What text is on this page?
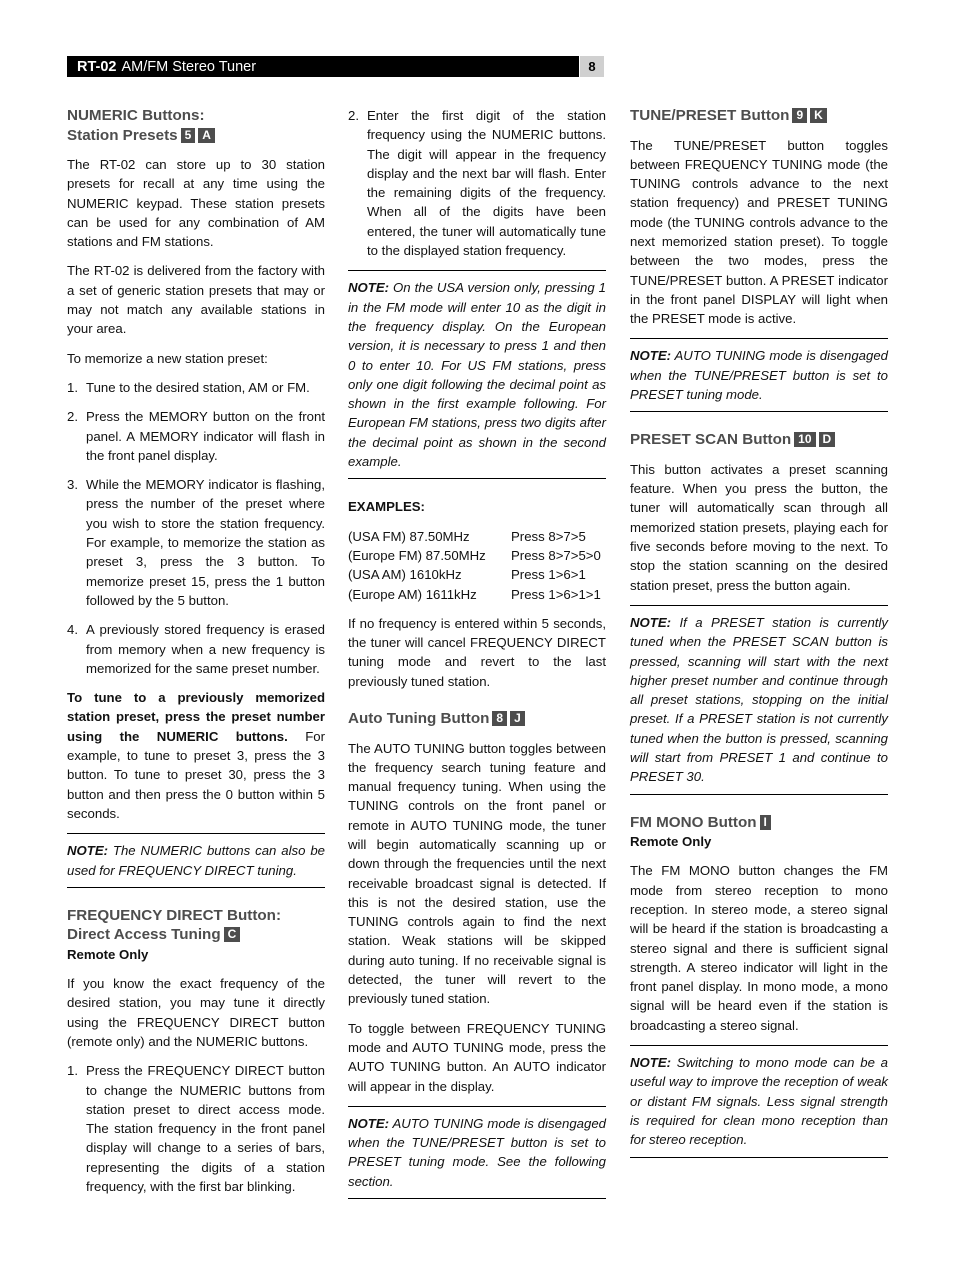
RT-02 AM/FM Stereo Tuner	8
NUMERIC Buttons:
Station Presets 5 A

The RT-02 can store up to 30 station presets for recall at any time using the NUMERIC keypad. These station presets can be used for any combination of AM stations and FM stations.

The RT-02 is delivered from the factory with a set of generic station presets that may or may not match any available stations in your area.

To memorize a new station preset:

1. Tune to the desired station, AM or FM.
2. Press the MEMORY button on the front panel. A MEMORY indicator will flash in the front panel display.
3. While the MEMORY indicator is flashing, press the number of the preset where you wish to store the station frequency. For example, to memorize the station as preset 3, press the 3 button. To memorize preset 15, press the 1 button followed by the 5 button.
4. A previously stored frequency is erased from memory when a new frequency is memorized for the same preset number.

To tune to a previously memorized station preset, press the preset number using the NUMERIC buttons. For example, to tune to preset 3, press the 3 button. To tune to preset 30, press the 3 button and then press the 0 button within 5 seconds.

NOTE: The NUMERIC buttons can also be used for FREQUENCY DIRECT tuning.
FREQUENCY DIRECT Button:
Direct Access Tuning C
Remote Only

If you know the exact frequency of the desired station, you may tune it directly using the FREQUENCY DIRECT button (remote only) and the NUMERIC buttons.

1. Press the FREQUENCY DIRECT button to change the NUMERIC buttons from station preset to direct access mode. The station frequency in the front panel display will change to a series of bars, representing the digits of a station frequency, with the first bar blinking.
2. Enter the first digit of the station frequency using the NUMERIC buttons. The digit will appear in the frequency display and the next bar will flash. Enter the remaining digits of the frequency. When all of the digits have been entered, the tuner will automatically tune to the displayed station frequency.
NOTE: On the USA version only, pressing 1 in the FM mode will enter 10 as the digit in the frequency display. On the European version, it is necessary to press 1 and then 0 to enter 10. For US FM stations, press only one digit following the decimal point as shown in the first example following. For European FM stations, press two digits after the decimal point as shown in the second example.
EXAMPLES:
(USA FM) 87.50MHz	Press 8>7>5
(Europe FM) 87.50MHz	Press 8>7>5>0
(USA AM) 1610kHz	Press 1>6>1
(Europe AM) 1611kHz	Press 1>6>1>1

If no frequency is entered within 5 seconds, the tuner will cancel FREQUENCY DIRECT tuning mode and revert to the last previously tuned station.

Auto Tuning Button 8 J

The AUTO TUNING button toggles between the frequency search tuning feature and manual frequency tuning. When using the TUNING controls on the front panel or remote in AUTO TUNING mode, the tuner will begin automatically scanning up or down through the frequencies until the next receivable broadcast signal is detected. If this is not the desired station, use the TUNING controls again to find the next station. Weak stations will be skipped during auto tuning. If no receivable signal is detected, the tuner will revert to the previously tuned station.

To toggle between FREQUENCY TUNING mode and AUTO TUNING mode, press the AUTO TUNING button. An AUTO indicator will appear in the display.

NOTE: AUTO TUNING mode is disengaged when the TUNE/PRESET button is set to PRESET tuning mode. See the following section.
TUNE/PRESET Button 9 K

The TUNE/PRESET button toggles between FREQUENCY TUNING mode (the TUNING controls advance to the next station frequency) and PRESET TUNING mode (the TUNING controls advance to the next memorized station preset). To toggle between the two modes, press the TUNE/PRESET button. A PRESET indicator in the front panel DISPLAY will light when the PRESET mode is active.

NOTE: AUTO TUNING mode is disengaged when the TUNE/PRESET button is set to PRESET tuning mode.
PRESET SCAN Button 10 D

This button activates a preset scanning feature. When you press the button, the tuner will automatically scan through all memorized station presets, playing each for five seconds before moving to the next. To stop the station scanning on the desired station preset, press the button again.

NOTE: If a PRESET station is currently tuned when the PRESET SCAN button is pressed, scanning will start with the next higher preset number and continue through all preset stations, stopping on the initial preset. If a PRESET station is not currently tuned when the button is pressed, scanning will start from PRESET 1 and continue to PRESET 30.
FM MONO Button I
Remote Only

The FM MONO button changes the FM mode from stereo reception to mono reception. In stereo mode, a stereo signal will be heard if the station is broadcasting a stereo signal and there is sufficient signal strength. A stereo indicator will light in the front panel display. In mono mode, a mono signal will be heard even if the station is broadcasting a stereo signal.

NOTE: Switching to mono mode can be a useful way to improve the reception of weak or distant FM signals. Less signal strength is required for clean mono reception than for stereo reception.
